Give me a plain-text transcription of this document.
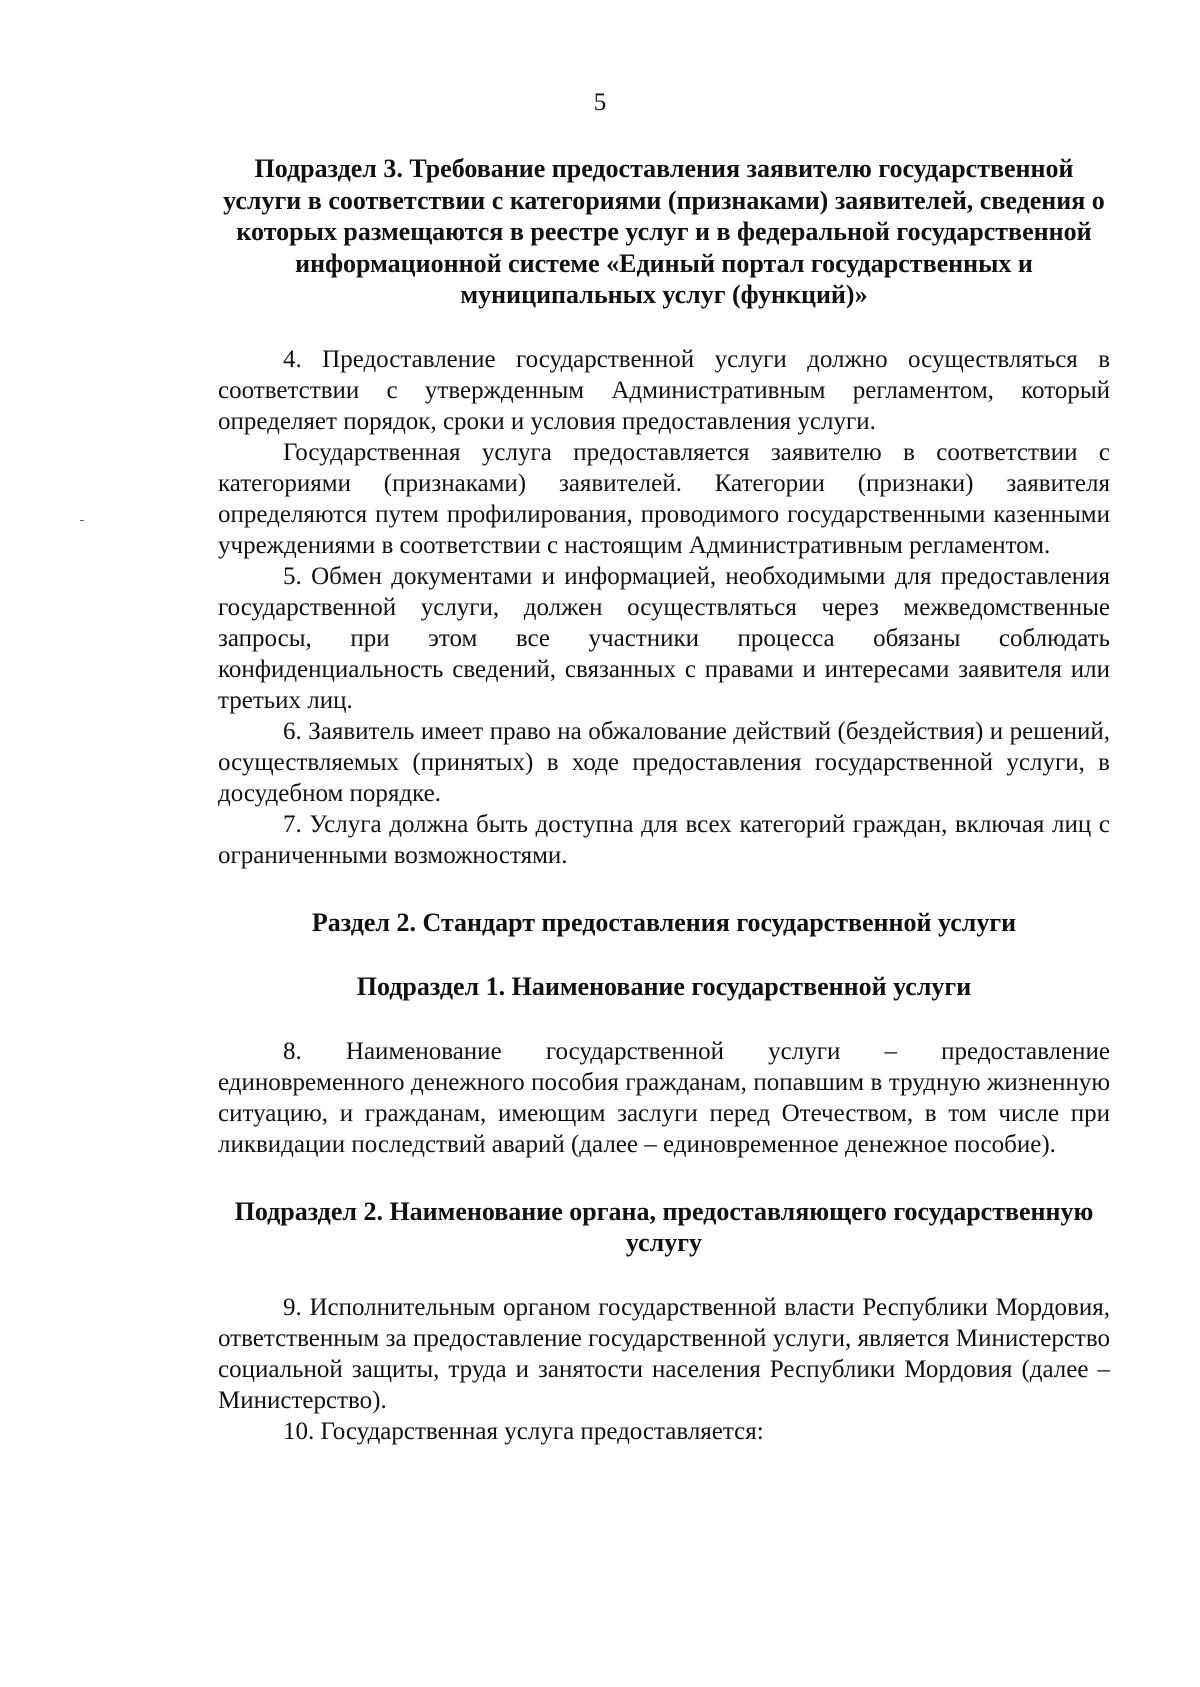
5
Подраздел 3. Требование предоставления заявителю государственной услуги в соответствии с категориями (признаками) заявителей, сведения о которых размещаются в реестре услуг и в федеральной государственной информационной системе «Единый портал государственных и муниципальных услуг (функций)»

4. Предоставление государственной услуги должно осуществляться в соответствии с утвержденным Административным регламентом, который определяет порядок, сроки и условия предоставления услуги.

Государственная услуга предоставляется заявителю в соответствии с категориями (признаками) заявителей. Категории (признаки) заявителя определяются путем профилирования, проводимого государственными казенными учреждениями в соответствии с настоящим Административным регламентом.

5. Обмен документами и информацией, необходимыми для предоставления государственной услуги, должен осуществляться через межведомственные запросы, при этом все участники процесса обязаны соблюдать конфиденциальность сведений, связанных с правами и интересами заявителя или третьих лиц.

6. Заявитель имеет право на обжалование действий (бездействия) и решений, осуществляемых (принятых) в ходе предоставления государственной услуги, в досудебном порядке.

7. Услуга должна быть доступна для всех категорий граждан, включая лиц с ограниченными возможностями.

Раздел 2. Стандарт предоставления государственной услуги
Подраздел 1. Наименование государственной услуги

8. Наименование государственной услуги – предоставление единовременного денежного пособия гражданам, попавшим в трудную жизненную ситуацию, и гражданам, имеющим заслуги перед Отечеством, в том числе при ликвидации последствий аварий (далее – единовременное денежное пособие).

Подраздел 2. Наименование органа, предоставляющего государственную услугу

9. Исполнительным органом государственной власти Республики Мордовия, ответственным за предоставление государственной услуги, является Министерство социальной защиты, труда и занятости населения Республики Мордовия (далее – Министерство).

10. Государственная услуга предоставляется:
